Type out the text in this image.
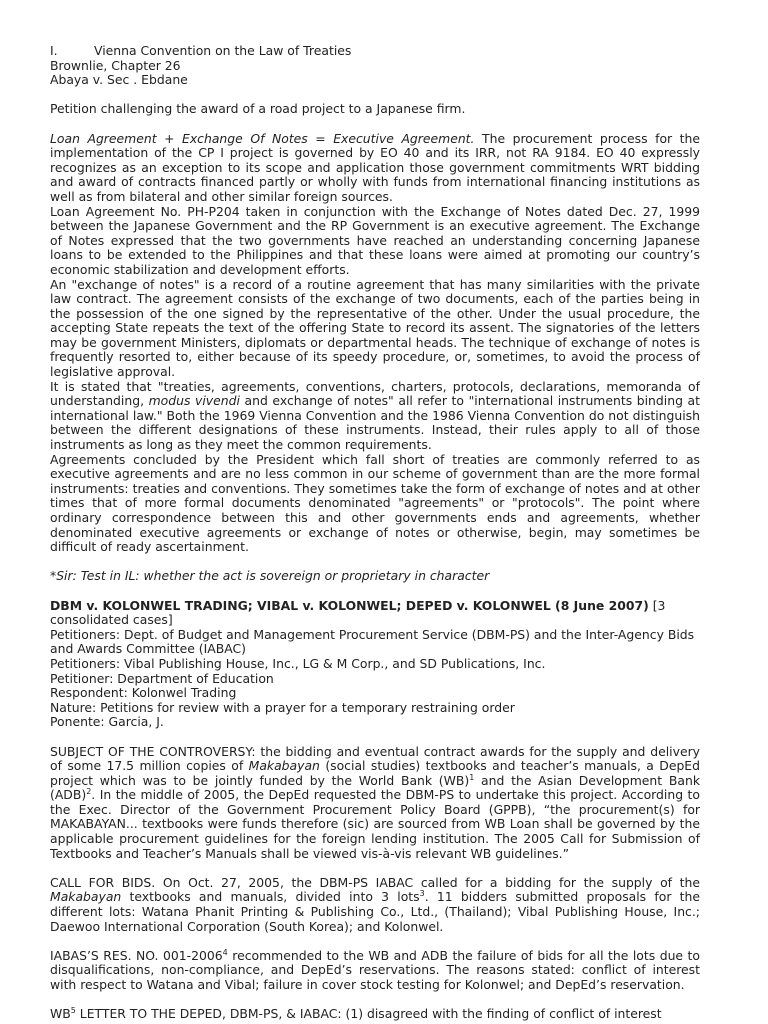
I.	Vienna Convention on the Law of Treaties

Brownlie, Chapter 26

Abaya v. Sec . Ebdane

Petition challenging the award of a road project to a Japanese firm.

Loan Agreement + Exchange Of Notes = Executive Agreement. The procurement process for the implementation of the CP I project is governed by EO 40 and its IRR, not RA 9184. EO 40 expressly recognizes as an exception to its scope and application those government commitments WRT bidding and award of contracts financed partly or wholly with funds from international financing institutions as well as from bilateral and other similar foreign sources.

Loan Agreement No. PH-P204 taken in conjunction with the Exchange of Notes dated Dec. 27, 1999 between the Japanese Government and the RP Government is an executive agreement. The Exchange of Notes expressed that the two governments have reached an understanding concerning Japanese loans to be extended to the Philippines and that these loans were aimed at promoting our country’s economic stabilization and development efforts.

An "exchange of notes" is a record of a routine agreement that has many similarities with the private law contract. The agreement consists of the exchange of two documents, each of the parties being in the possession of the one signed by the representative of the other. Under the usual procedure, the accepting State repeats the text of the offering State to record its assent. The signatories of the letters may be government Ministers, diplomats or departmental heads. The technique of exchange of notes is frequently resorted to, either because of its speedy procedure, or, sometimes, to avoid the process of legislative approval.

It is stated that "treaties, agreements, conventions, charters, protocols, declarations, memoranda of understanding, modus vivendi and exchange of notes" all refer to "international instruments binding at international law." Both the 1969 Vienna Convention and the 1986 Vienna Convention do not distinguish between the different designations of these instruments. Instead, their rules apply to all of those instruments as long as they meet the common requirements.

Agreements concluded by the President which fall short of treaties are commonly referred to as executive agreements and are no less common in our scheme of government than are the more formal instruments: treaties and conventions. They sometimes take the form of exchange of notes and at other times that of more formal documents denominated "agreements" or "protocols". The point where ordinary correspondence between this and other governments ends and agreements, whether denominated executive agreements or exchange of notes or otherwise, begin, may sometimes be difficult of ready ascertainment.

*Sir: Test in IL: whether the act is sovereign or proprietary in character

DBM v. KOLONWEL TRADING; VIBAL v. KOLONWEL; DEPED v. KOLONWEL (8 June 2007) [3 consolidated cases]

Petitioners: Dept. of Budget and Management Procurement Service (DBM-PS) and the Inter-Agency Bids and Awards Committee (IABAC)

Petitioners: Vibal Publishing House, Inc., LG & M Corp., and SD Publications, Inc.

Petitioner: Department of Education

Respondent: Kolonwel Trading

Nature: Petitions for review with a prayer for a temporary restraining order

Ponente: Garcia, J.

SUBJECT OF THE CONTROVERSY: the bidding and eventual contract awards for the supply and delivery of some 17.5 million copies of Makabayan (social studies) textbooks and teacher’s manuals, a DepEd project which was to be jointly funded by the World Bank (WB)$^1$ and the Asian Development Bank (ADB)$^2$. In the middle of 2005, the DepEd requested the DBM-PS to undertake this project. According to the Exec. Director of the Government Procurement Policy Board (GPPB), “the procurement(s) for MAKABAYAN... textbooks were funds therefore (sic) are sourced from WB Loan shall be governed by the applicable procurement guidelines for the foreign lending institution. The 2005 Call for Submission of Textbooks and Teacher’s Manuals shall be viewed vis-à-vis relevant WB guidelines.”

CALL FOR BIDS. On Oct. 27, 2005, the DBM-PS IABAC called for a bidding for the supply of the Makabayan textbooks and manuals, divided into 3 lots$^3$. 11 bidders submitted proposals for the different lots: Watana Phanit Printing & Publishing Co., Ltd., (Thailand); Vibal Publishing House, Inc.; Daewoo International Corporation (South Korea); and Kolonwel.

IABAS’S RES. NO. 001-2006$^4$ recommended to the WB and ADB the failure of bids for all the lots due to disqualifications, non-compliance, and DepEd’s reservations. The reasons stated: conflict of interest with respect to Watana and Vibal; failure in cover stock testing for Kolonwel; and DepEd’s reservation.

$WB^5$ LETTER TO THE DEPED, DBM-PS, & IABAC: (1) disagreed with the finding of conflict of interest
